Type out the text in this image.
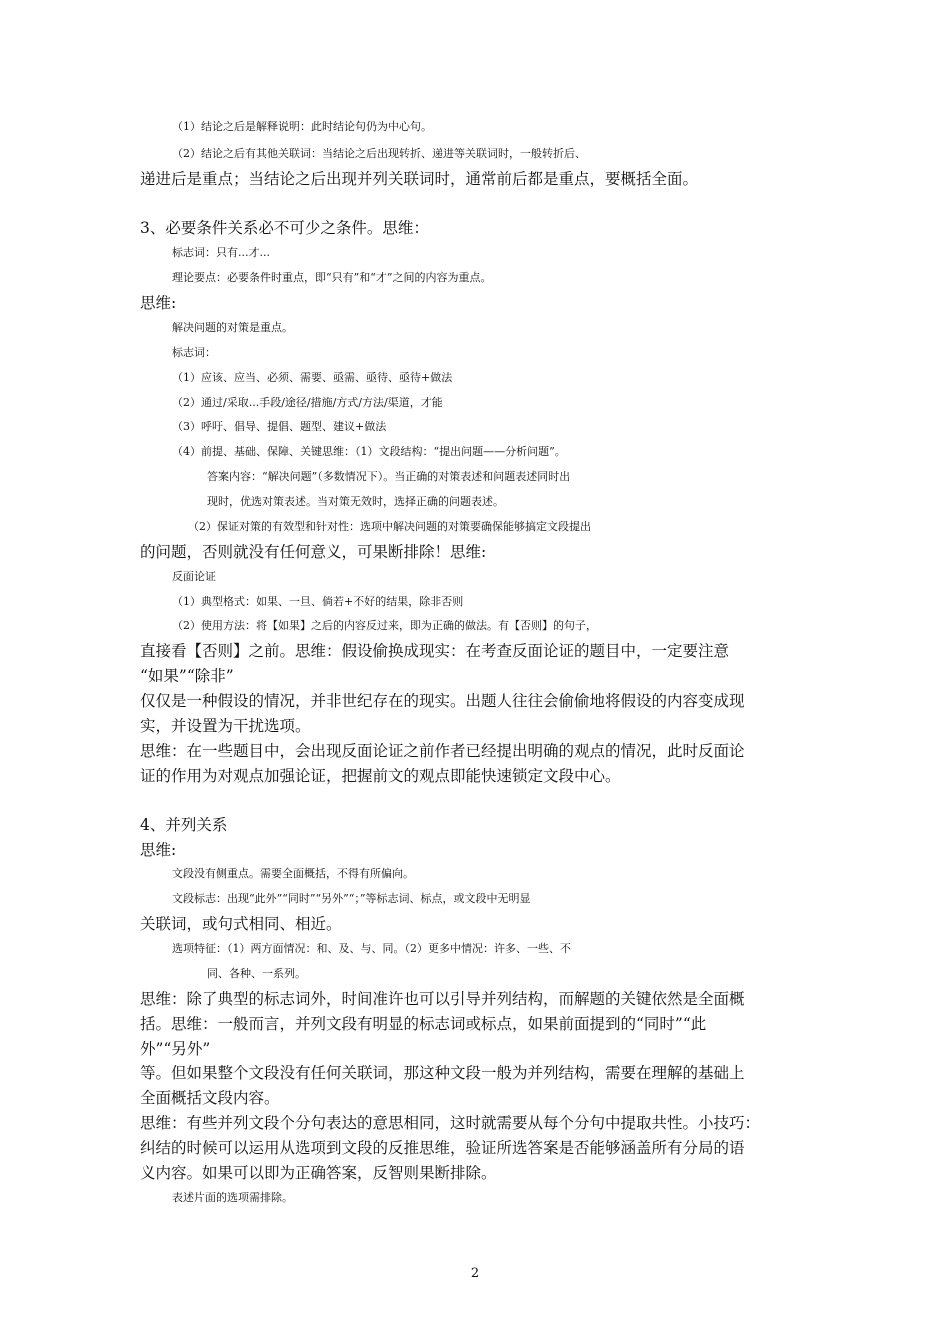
（1）结论之后是解释说明：此时结论句仍为中心句。
（2）结论之后有其他关联词：当结论之后出现转折、递进等关联词时，一般转折后、
递进后是重点；当结论之后出现并列关联词时，通常前后都是重点，要概括全面。
3、必要条件关系必不可少之条件。思维：
标志词：只有...才...
理论要点：必要条件时重点，即“只有”和“才”之间的内容为重点。
思维:
解决问题的对策是重点。
标志词：
（1）应该、应当、必须、需要、亟需、亟待、亟待+做法
（2）通过/采取...手段/途径/措施/方式/方法/渠道，才能
（3）呼吁、倡导、提倡、题型、建议+做法
（4）前提、基础、保障、关键思维：（1）文段结构：“提出问题——分析问题”。
答案内容：“解决问题”（多数情况下）。当正确的对策表述和问题表述同时出
现时，优选对策表述。当对策无效时，选择正确的问题表述。
（2）保证对策的有效型和针对性：选项中解决问题的对策要确保能够搞定文段提出
的问题，否则就没有任何意义，可果断排除！思维:
反面论证
（1）典型格式：如果、一旦、倘若+不好的结果，除非否则
（2）使用方法：将【如果】之后的内容反过来，即为正确的做法。有【否则】的句子，
直接看【否则】之前。思维：假设偷换成现实：在考查反面论证的题目中，一定要注意
“如果”“除非”
仅仅是一种假设的情况，并非世纪存在的现实。出题人往往会偷偷地将假设的内容变成现
实，并设置为干扰选项。
思维：在一些题目中，会出现反面论证之前作者已经提出明确的观点的情况，此时反面论
证的作用为对观点加强论证，把握前文的观点即能快速锁定文段中心。
4、并列关系
思维:
文段没有侧重点。需要全面概括，不得有所偏向。
文段标志：出现“此外”“同时”“另外”“；”等标志词、标点，或文段中无明显
关联词，或句式相同、相近。
选项特征：（1）两方面情况：和、及、与、同。（2）更多中情况：许多、一些、不
同、各种、一系列。
思维：除了典型的标志词外，时间准许也可以引导并列结构，而解题的关键依然是全面概
括。思维：一般而言，并列文段有明显的标志词或标点，如果前面提到的“同时”“此
外”“另外”
等。但如果整个文段没有任何关联词，那这种文段一般为并列结构，需要在理解的基础上
全面概括文段内容。
思维：有些并列文段个分句表达的意思相同，这时就需要从每个分句中提取共性。小技巧：
纠结的时候可以运用从选项到文段的反推思维，验证所选答案是否能够涵盖所有分局的语
义内容。如果可以即为正确答案，反智则果断排除。
表述片面的选项需排除。
2
